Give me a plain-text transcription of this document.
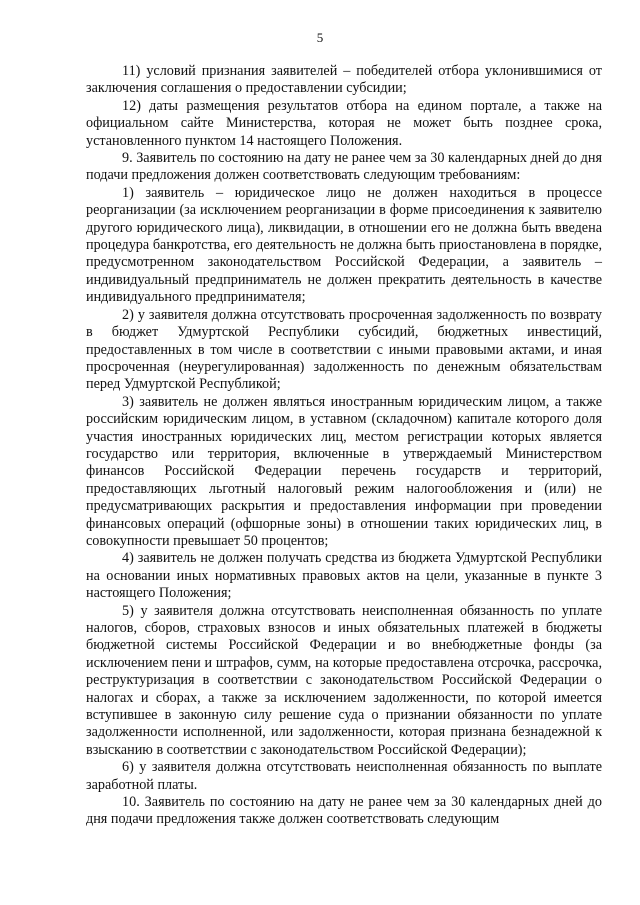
5

11) условий признания заявителей – победителей отбора уклонившимися от заключения соглашения о предоставлении субсидии;

12) даты размещения результатов отбора на едином портале, а также на официальном сайте Министерства, которая не может быть позднее срока, установленного пунктом 14 настоящего Положения.

9. Заявитель по состоянию на дату не ранее чем за 30 календарных дней до дня подачи предложения должен соответствовать следующим требованиям:

1) заявитель – юридическое лицо не должен находиться в процессе реорганизации (за исключением реорганизации в форме присоединения к заявителю другого юридического лица), ликвидации, в отношении его не должна быть введена процедура банкротства, его деятельность не должна быть приостановлена в порядке, предусмотренном законодательством Российской Федерации, а заявитель – индивидуальный предприниматель не должен прекратить деятельность в качестве индивидуального предпринимателя;

2) у заявителя должна отсутствовать просроченная задолженность по возврату в бюджет Удмуртской Республики субсидий, бюджетных инвестиций, предоставленных в том числе в соответствии с иными правовыми актами, и иная просроченная (неурегулированная) задолженность по денежным обязательствам перед Удмуртской Республикой;

3) заявитель не должен являться иностранным юридическим лицом, а также российским юридическим лицом, в уставном (складочном) капитале которого доля участия иностранных юридических лиц, местом регистрации которых является государство или территория, включенные в утверждаемый Министерством финансов Российской Федерации перечень государств и территорий, предоставляющих льготный налоговый режим налогообложения и (или) не предусматривающих раскрытия и предоставления информации при проведении финансовых операций (офшорные зоны) в отношении таких юридических лиц, в совокупности превышает 50 процентов;

4) заявитель не должен получать средства из бюджета Удмуртской Республики на основании иных нормативных правовых актов на цели, указанные в пункте 3 настоящего Положения;

5) у заявителя должна отсутствовать неисполненная обязанность по уплате налогов, сборов, страховых взносов и иных обязательных платежей в бюджеты бюджетной системы Российской Федерации и во внебюджетные фонды (за исключением пени и штрафов, сумм, на которые предоставлена отсрочка, рассрочка, реструктуризация в соответствии с законодательством Российской Федерации о налогах и сборах, а также за исключением задолженности, по которой имеется вступившее в законную силу решение суда о признании обязанности по уплате задолженности исполненной, или задолженности, которая признана безнадежной к взысканию в соответствии с законодательством Российской Федерации);

6) у заявителя должна отсутствовать неисполненная обязанность по выплате заработной платы.

10. Заявитель по состоянию на дату не ранее чем за 30 календарных дней до дня подачи предложения также должен соответствовать следующим
